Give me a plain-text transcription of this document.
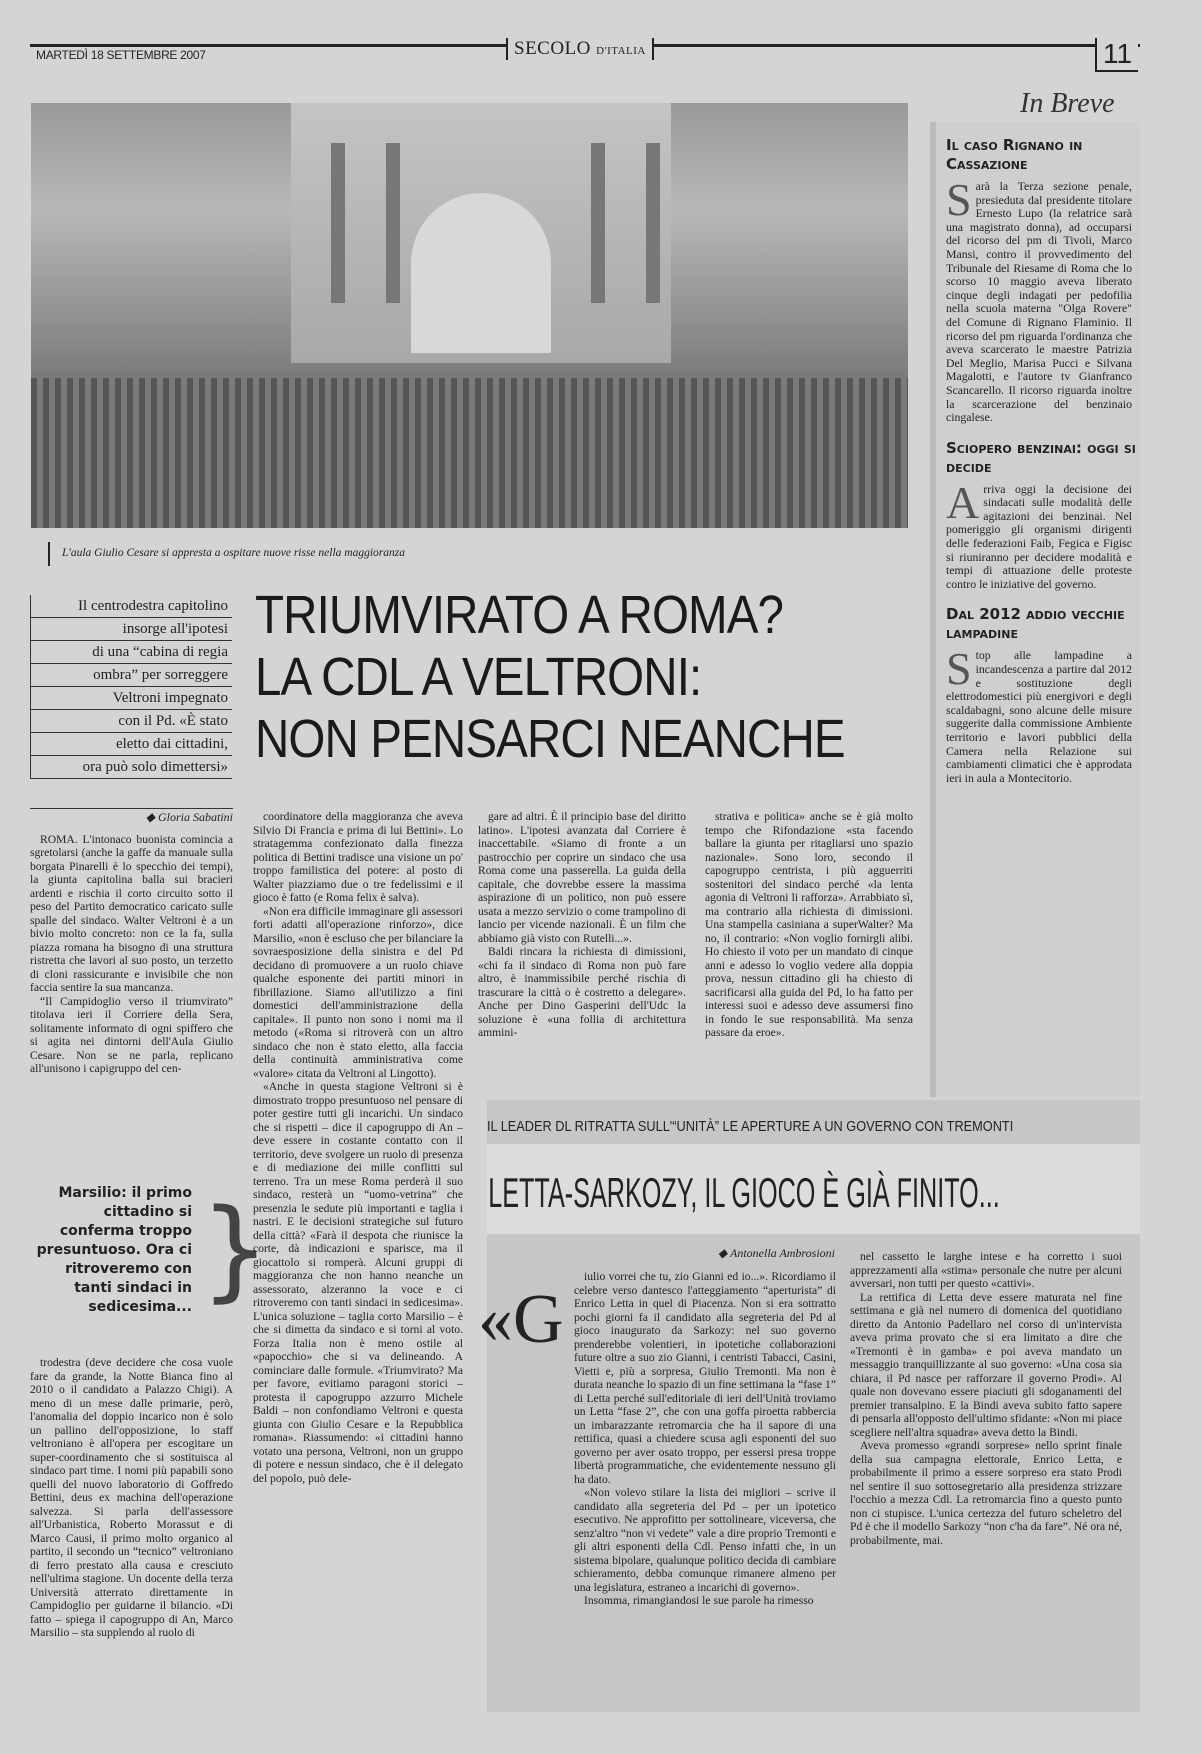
MARTEDÌ 18 SETTEMBRE 2007	SECOLO D'ITALIA	11
L'aula Giulio Cesare si appresta a ospitare nuove risse nella maggioranza
In Breve
Il caso Rignano in Cassazione
Sarà la Terza sezione penale, presieduta dal presidente titolare Ernesto Lupo (la relatrice sarà una magistrato donna), ad occuparsi del ricorso del pm di Tivoli, Marco Mansi, contro il provvedimento del Tribunale del Riesame di Roma che lo scorso 10 maggio aveva liberato cinque degli indagati per pedofilia nella scuola materna "Olga Rovere" del Comune di Rignano Flaminio. Il ricorso del pm riguarda l'ordinanza che aveva scarcerato le maestre Patrizia Del Meglio, Marisa Pucci e Silvana Magalotti, e l'autore tv Gianfranco Scancarello. Il ricorso riguarda inoltre la scarcerazione del benzinaio cingalese.
Sciopero benzinai: oggi si decide
Arriva oggi la decisione dei sindacati sulle modalità delle agitazioni dei benzinai. Nel pomeriggio gli organismi dirigenti delle federazioni Faib, Fegica e Figisc si riuniranno per decidere modalità e tempi di attuazione delle proteste contro le iniziative del governo.
Dal 2012 addio vecchie lampadine
Stop alle lampadine a incandescenza a partire dal 2012 e sostituzione degli elettrodomestici più energivori e degli scaldabagni, sono alcune delle misure suggerite dalla commissione Ambiente territorio e lavori pubblici della Camera nella Relazione sui cambiamenti climatici che è approdata ieri in aula a Montecitorio.
Il centrodestra capitolino
insorge all'ipotesi
di una “cabina di regia
ombra” per sorreggere
Veltroni impegnato
con il Pd. «È stato
eletto dai cittadini,
ora può solo dimettersi»
TRIUMVIRATO A ROMA?
LA CDL A VELTRONI:
NON PENSARCI NEANCHE
◆ Gloria Sabatini

ROMA. L'intonaco buonista comincia a sgretolarsi (anche la gaffe da manuale sulla borgata Pinarelli è lo specchio dei tempi), la giunta capitolina balla sui bracieri ardenti e rischia il corto circuito sotto il peso del Partito democratico caricato sulle spalle del sindaco. Walter Veltroni è a un bivio molto concreto: non ce la fa, sulla piazza romana ha bisogno di una struttura ristretta che lavori al suo posto, un terzetto di cloni rassicurante e invisibile che non faccia sentire la sua mancanza.

“Il Campidoglio verso il triumvirato” titolava ieri il Corriere della Sera, solitamente informato di ogni spiffero che si agita nei dintorni dell'Aula Giulio Cesare. Non se ne parla, replicano all'unisono i capigruppo del cen-

Marsilio: il primo cittadino si conferma troppo presuntuoso. Ora ci ritroveremo con tanti sindaci in sedicesima... }

trodestra (deve decidere che cosa vuole fare da grande, la Notte Bianca fino al 2010 o il candidato a Palazzo Chigi). A meno di un mese dalle primarie, però, l'anomalia del doppio incarico non è solo un pallino dell'opposizione, lo staff veltroniano è all'opera per escogitare un super-coordinamento che si sostituisca al sindaco part time. I nomi più papabili sono quelli del nuovo laboratorio di Goffredo Bettini, deus ex machina dell'operazione salvezza. Si parla dell'assessore all'Urbanistica, Roberto Morassut e di Marco Causi, il primo molto organico al partito, il secondo un “tecnico” veltroniano di ferro prestato alla causa e cresciuto nell'ultima stagione. Un docente della terza Università atterrato direttamente in Campidoglio per guidarne il bilancio. «Di fatto – spiega il capogruppo di An, Marco Marsilio – sta supplendo al ruolo di

coordinatore della maggioranza che aveva Silvio Di Francia e prima di lui Bettini». Lo stratagemma confezionato dalla finezza politica di Bettini tradisce una visione un po' troppo familistica del potere: al posto di Walter piazziamo due o tre fedelissimi e il gioco è fatto (e Roma felix è salva).

«Non era difficile immaginare gli assessori forti adatti all'operazione rinforzo», dice Marsilio, «non è escluso che per bilanciare la sovraesposizione della sinistra e del Pd decidano di promuovere a un ruolo chiave qualche esponente dei partiti minori in fibrillazione. Siamo all'utilizzo a fini domestici dell'amministrazione della capitale». Il punto non sono i nomi ma il metodo («Roma si ritroverà con un altro sindaco che non è stato eletto, alla faccia della continuità amministrativa come «valore» citata da Veltroni al Lingotto).

«Anche in questa stagione Veltroni si è dimostrato troppo presuntuoso nel pensare di poter gestire tutti gli incarichi. Un sindaco che si rispetti – dice il capogruppo di An – deve essere in costante contatto con il territorio, deve svolgere un ruolo di presenza e di mediazione dei mille conflitti sul terreno. Tra un mese Roma perderà il suo sindaco, resterà un “uomo-vetrina” che presenzia le sedute più importanti e taglia i nastri. E le decisioni strategiche sul futuro della città? «Farà il despota che riunisce la corte, dà indicazioni e sparisce, ma il giocattolo si romperà. Alcuni gruppi di maggioranza che non hanno neanche un assessorato, alzeranno la voce e ci ritroveremo con tanti sindaci in sedicesima». L'unica soluzione – taglia corto Marsilio – è che si dimetta da sindaco e si torni al voto. Forza Italia non è meno ostile al «papocchio» che si va delineando. A cominciare dalle formule. «Triumvirato? Ma per favore, evitiamo paragoni storici – protesta il capogruppo azzurro Michele Baldi – non confondiamo Veltroni e questa giunta con Giulio Cesare e la Repubblica romana». Riassumendo: «i cittadini hanno votato una persona, Veltroni, non un gruppo di potere e nessun sindaco, che è il delegato del popolo, può dele-

gare ad altri. È il principio base del diritto latino». L'ipotesi avanzata dal Corriere è inaccettabile. «Siamo di fronte a un pastrocchio per coprire un sindaco che usa Roma come una passerella. La guida della capitale, che dovrebbe essere la massima aspirazione di un politico, non può essere usata a mezzo servizio o come trampolino di lancio per vicende nazionali. È un film che abbiamo già visto con Rutelli...».

Baldi rincara la richiesta di dimissioni, «chi fa il sindaco di Roma non può fare altro, è inammissibile perché rischia di trascurare la città o è costretto a delegare». Anche per Dino Gasperini dell'Udc la soluzione è «una follia di architettura ammini-

strativa e politica» anche se è già molto tempo che Rifondazione «sta facendo ballare la giunta per ritagliarsi uno spazio nazionale». Sono loro, secondo il capogruppo centrista, i più agguerriti sostenitori del sindaco perché «la lenta agonia di Veltroni li rafforza». Arrabbiato sì, ma contrario alla richiesta di dimissioni. Una stampella casiniana a superWalter? Ma no, il contrario: «Non voglio fornirgli alibi. Ho chiesto il voto per un mandato di cinque anni e adesso lo voglio vedere alla doppia prova, nessun cittadino gli ha chiesto di sacrificarsi alla guida del Pd, lo ha fatto per interessi suoi e adesso deve assumersi fino in fondo le sue responsabilità. Ma senza passare da eroe».

IL LEADER DL RITRATTA SULL'“UNITÀ” LE APERTURE A UN GOVERNO CON TREMONTI
LETTA-SARKOZY, IL GIOCO È GIÀ FINITO...
◆ Antonella Ambrosioni
«G

iulio vorrei che tu, zio Gianni ed io...». Ricordiamo il celebre verso dantesco l'atteggiamento “aperturista” di Enrico Letta in quel di Piacenza. Non si era sottratto pochi giorni fa il candidato alla segreteria del Pd al gioco inaugurato da Sarkozy: nel suo governo prenderebbe volentieri, in ipotetiche collaborazioni future oltre a suo zio Gianni, i centristi Tabacci, Casini, Vietti e, più a sorpresa, Giulio Tremonti. Ma non è durata neanche lo spazio di un fine settimana la “fase 1” di Letta perché sull'editoriale di ieri dell'Unità troviamo un Letta “fase 2”, che con una goffa piroetta rabbercia un imbarazzante retromarcia che ha il sapore di una rettifica, quasi a chiedere scusa agli esponenti del suo governo per aver osato troppo, per essersi presa troppe libertà programmatiche, che evidentemente nessuno gli ha dato.

«Non volevo stilare la lista dei migliori – scrive il candidato alla segreteria del Pd – per un ipotetico esecutivo. Ne approfitto per sottolineare, viceversa, che senz'altro “non vi vedete” vale a dire proprio Tremonti e gli altri esponenti della Cdl. Penso infatti che, in un sistema bipolare, qualunque politico decida di cambiare schieramento, debba comunque rimanere almeno per una legislatura, estraneo a incarichi di governo».

Insomma, rimangiandosi le sue parole ha rimesso

nel cassetto le larghe intese e ha corretto i suoi apprezzamenti alla «stima» personale che nutre per alcuni avversari, non tutti per questo «cattivi».

La rettifica di Letta deve essere maturata nel fine settimana e già nel numero di domenica del quotidiano diretto da Antonio Padellaro nel corso di un'intervista aveva prima provato che si era limitato a dire che «Tremonti è in gamba» e poi aveva mandato un messaggio tranquillizzante al suo governo: «Una cosa sia chiara, il Pd nasce per rafforzare il governo Prodi». Al quale non dovevano essere piaciuti gli sdoganamenti del premier transalpino. E la Bindi aveva subito fatto sapere di pensarla all'opposto dell'ultimo sfidante: «Non mi piace scegliere nell'altra squadra» aveva detto la Bindi.

Aveva promesso «grandi sorprese» nello sprint finale della sua campagna elettorale, Enrico Letta, e probabilmente il primo a essere sorpreso era stato Prodi nel sentire il suo sottosegretario alla presidenza strizzare l'occhio a mezza Cdl. La retromarcia fino a questo punto non ci stupisce. L'unica certezza del futuro scheletro del Pd è che il modello Sarkozy “non c'ha da fare”. Né ora né, probabilmente, mai.
